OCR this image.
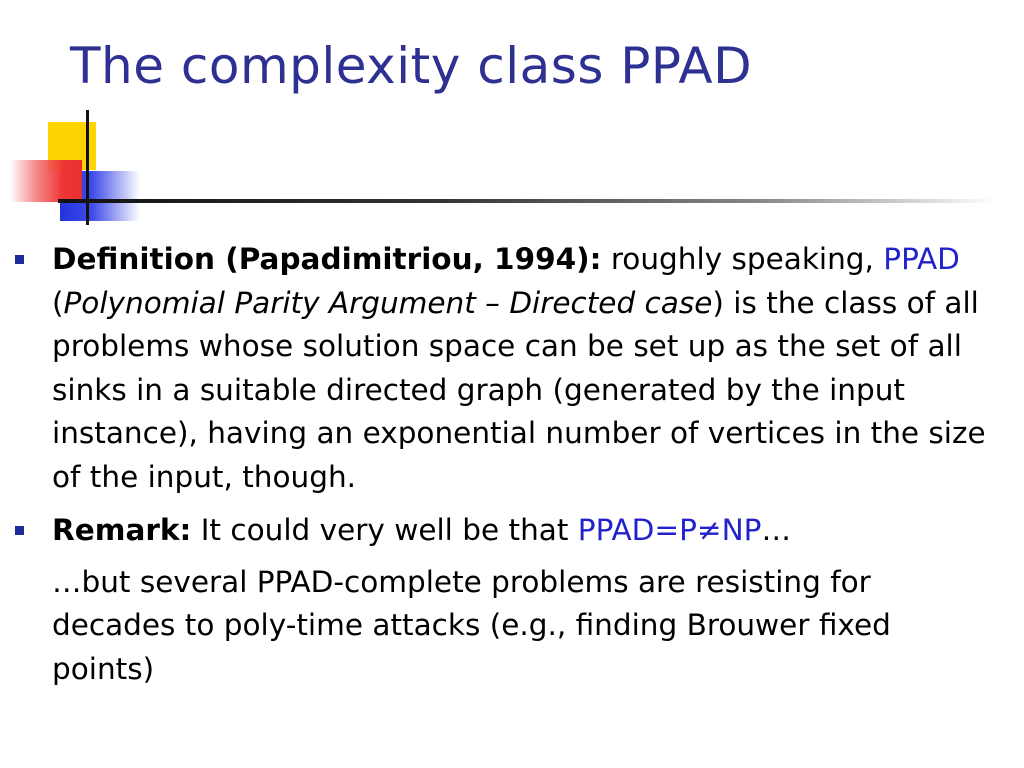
The complexity class PPAD
Definition (Papadimitriou, 1994): roughly speaking, PPAD (Polynomial Parity Argument – Directed case) is the class of all problems whose solution space can be set up as the set of all sinks in a suitable directed graph (generated by the input instance), having an exponential number of vertices in the size of the input, though.
Remark: It could very well be that PPAD=P≠NP…

…but several PPAD-complete problems are resisting for decades to poly-time attacks (e.g., finding Brouwer fixed points)
